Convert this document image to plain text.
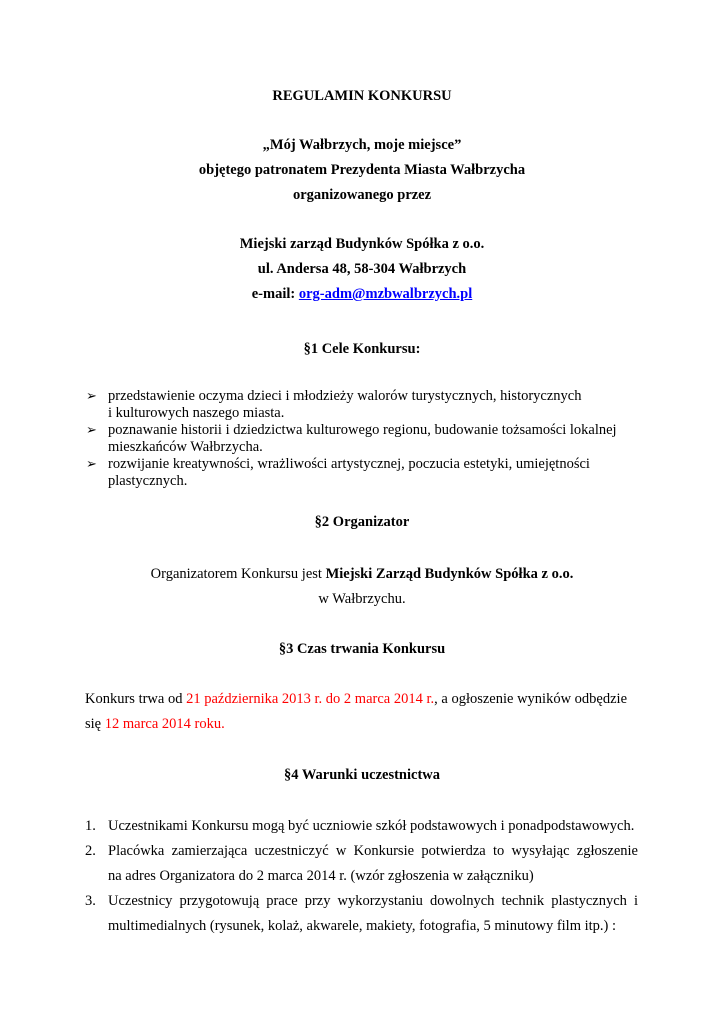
REGULAMIN KONKURSU
„Mój Wałbrzych, moje miejsce”
objętego patronatem Prezydenta Miasta Wałbrzycha
organizowanego przez
Miejski zarząd Budynków Spółka z o.o.
ul. Andersa 48, 58-304 Wałbrzych
e-mail: org-adm@mzbwalbrzych.pl
§1 Cele Konkursu:
➢ przedstawienie oczyma dzieci i młodzieży walorów turystycznych, historycznych
i kulturowych naszego miasta.
➢ poznawanie historii i dziedzictwa kulturowego regionu, budowanie tożsamości lokalnej
mieszkańców Wałbrzycha.
➢ rozwijanie kreatywności, wrażliwości artystycznej, poczucia estetyki, umiejętności
plastycznych.
§2 Organizator
Organizatorem Konkursu jest Miejski Zarząd Budynków Spółka z o.o.
w Wałbrzychu.
§3 Czas trwania Konkursu
Konkurs trwa od 21 października 2013 r. do 2 marca 2014 r., a ogłoszenie wyników odbędzie
się 12 marca 2014 roku.
§4 Warunki uczestnictwa
1. Uczestnikami Konkursu mogą być uczniowie szkół podstawowych i ponadpodstawowych.
2. Placówka zamierzająca uczestniczyć w Konkursie potwierdza to wysyłając zgłoszenie
na adres Organizatora do 2 marca 2014 r. (wzór zgłoszenia w załączniku)
3. Uczestnicy przygotowują prace przy wykorzystaniu dowolnych technik plastycznych i
multimedialnych (rysunek, kolaż, akwarele, makiety, fotografia, 5 minutowy film itp.) :
